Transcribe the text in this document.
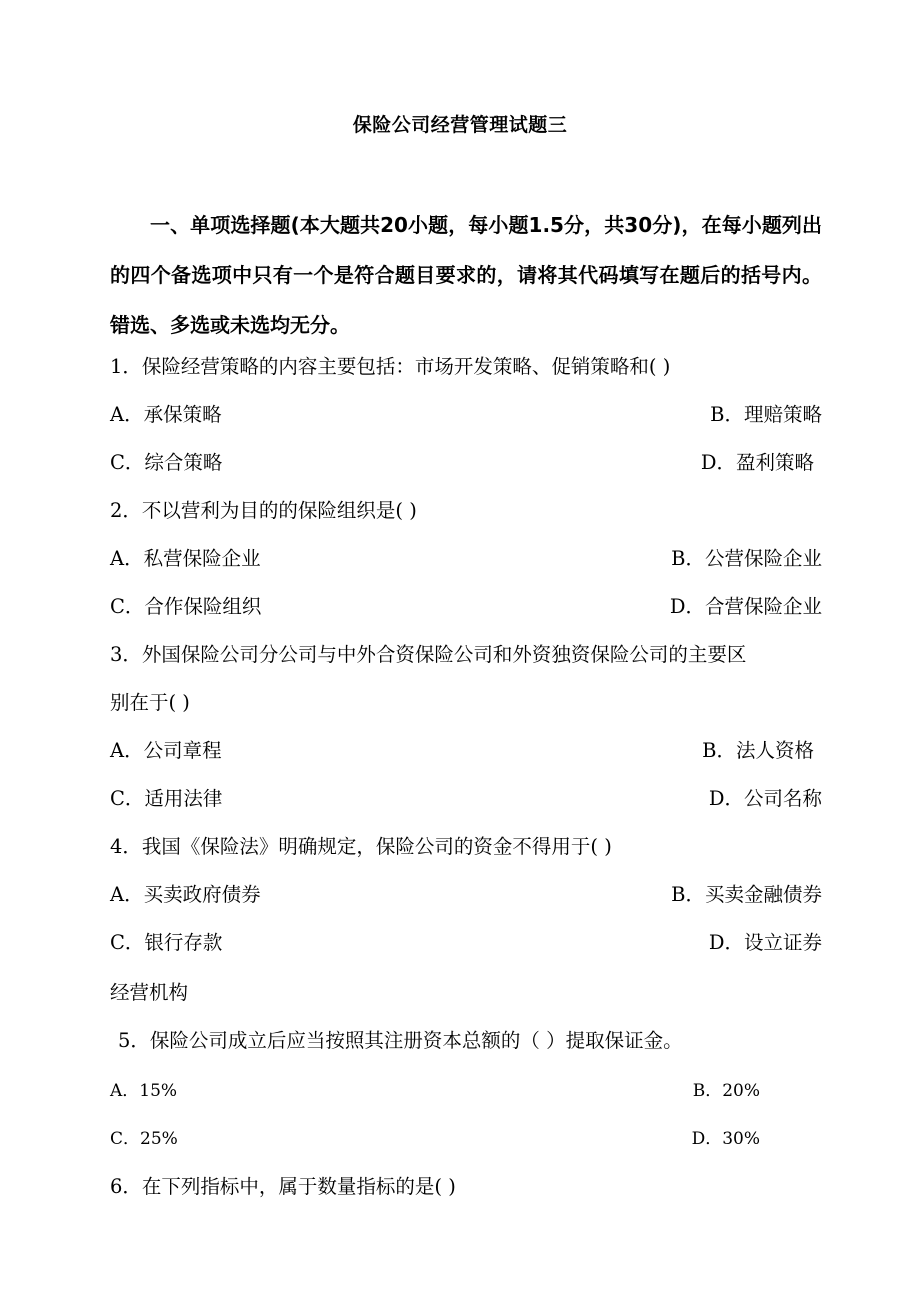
保险公司经营管理试题三
一、单项选择题(本大题共20小题，每小题1.5分，共30分)，在每小题列出的四个备选项中只有一个是符合题目要求的，请将其代码填写在题后的括号内。错选、多选或未选均无分。
1．保险经营策略的内容主要包括：市场开发策略、促销策略和( )
A．承保策略	B．理赔策略
C．综合策略	D．盈利策略
2．不以营利为目的的保险组织是( )
A．私营保险企业	B．公营保险企业
C．合作保险组织	D．合营保险企业
3．外国保险公司分公司与中外合资保险公司和外资独资保险公司的主要区
别在于( )
A．公司章程	B．法人资格
C．适用法律	D．公司名称
4．我国《保险法》明确规定，保险公司的资金不得用于( )
A．买卖政府债券	B．买卖金融债券
C．银行存款	D．设立证券
经营机构
5．保险公司成立后应当按照其注册资本总额的（ ）提取保证金。
A．15%	B．20%
C．25%	D．30%
6．在下列指标中，属于数量指标的是( )
